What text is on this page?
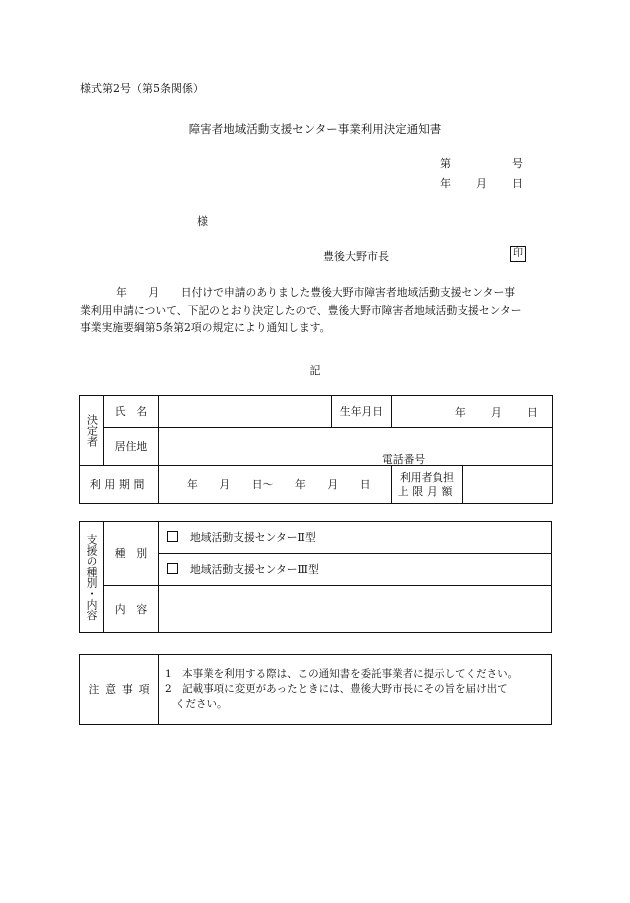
様式第2号（第5条関係）
障害者地域活動支援センター事業利用決定通知書
第	号
年 月 日
様
豊後大野市長	印
年　　月　　日付けで申請のありました豊後大野市障害者地域活動支援センター事
業利用申請について、下記のとおり決定したので、豊後大野市障害者地域活動支援センター
事業実施要綱第5条第2項の規定により通知します。
記
決定者	氏　名		生年月日	年 月 日

	居住地	電話番号		

利用期間		年　　月　　日〜　　年　　月　　日		利用者負担
上限月額
支援の種別・内容	種　別	地域活動支援センターⅡ型
		地域活動支援センターⅢ型
	内　容	
注意事項	
1　本事業を利用する際は、この通知書を委託事業者に提示してください。
2　記載事項に変更があったときには、豊後大野市長にその旨を届け出て
ください。
